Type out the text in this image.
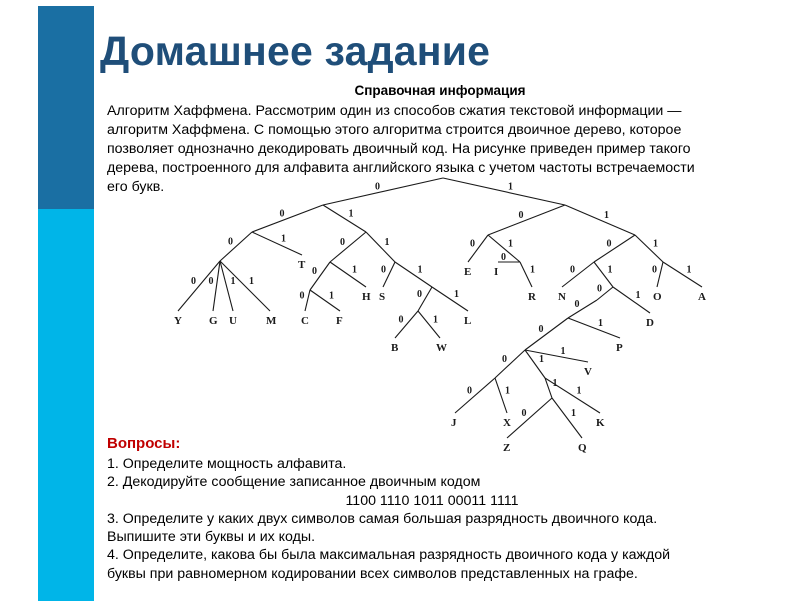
Домашнее задание
Справочная информация
Алгоритм Хаффмена. Рассмотрим один из способов сжатия текстовой информации —
алгоритм Хаффмена. С помощью этого алгоритма строится двоичное дерево, которое
позволяет однозначно декодировать двоичный код. На рисунке приведен пример такого
дерева, построенного для алфавита английского языка с учетом частоты встречаемости
его букв.	0	1
0	1
0	1
0 0 1 1
0	1
0	1
0 1
0	1
0	1
0	1
0	1
0	1
0
1
0	1
0	1
0
1
0	1
0
0
1
0
1
0	1
1
1
1
0	1
Y G U	M
T
C F
H S
B	W
L
E I
R N
D
O	A
P
V
J	X	K
Z	Q
Вопросы:
1. Определите мощность алфавита.
2. Декодируйте сообщение записанное двоичным кодом
1100 1110 1011 00011 1111
3. Определите у каких двух символов самая большая разрядность двоичного кода.
Выпишите эти буквы и их коды.
4. Определите, какова бы была максимальная разрядность двоичного кода у каждой
буквы при равномерном кодировании всех символов представленных на графе.
